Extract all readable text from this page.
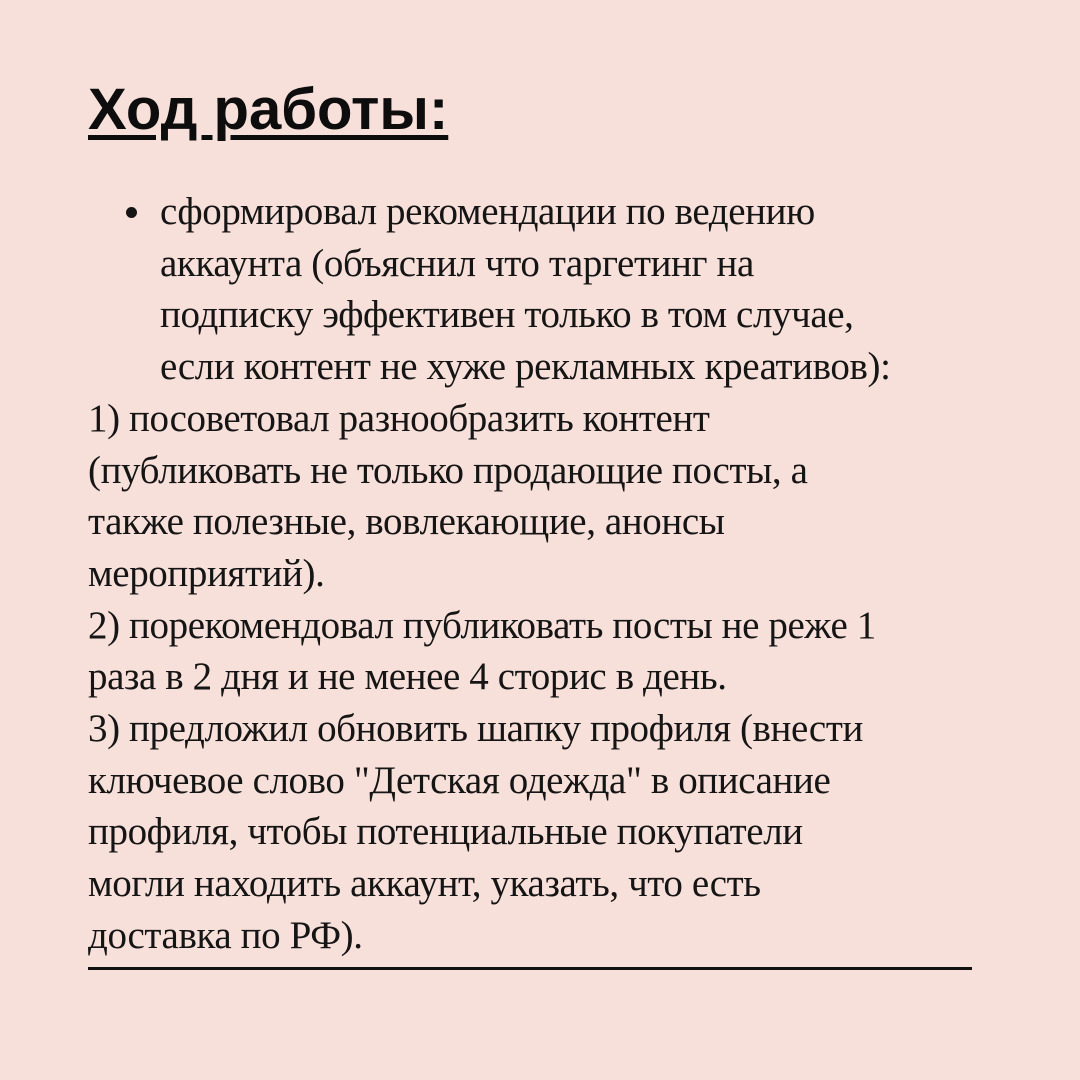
Ход работы:
сформировал рекомендации по ведению
аккаунта (объяснил что таргетинг на
подписку эффективен только в том случае,
если контент не хуже рекламных креативов):
1) посоветовал разнообразить контент
(публиковать не только продающие посты, а
также полезные, вовлекающие, анонсы
мероприятий).
2) порекомендовал публиковать посты не реже 1
раза в 2 дня и не менее 4 сторис в день.
3) предложил обновить шапку профиля (внести
ключевое слово "Детская одежда" в описание
профиля, чтобы потенциальные покупатели
могли находить аккаунт, указать, что есть
доставка по РФ).
